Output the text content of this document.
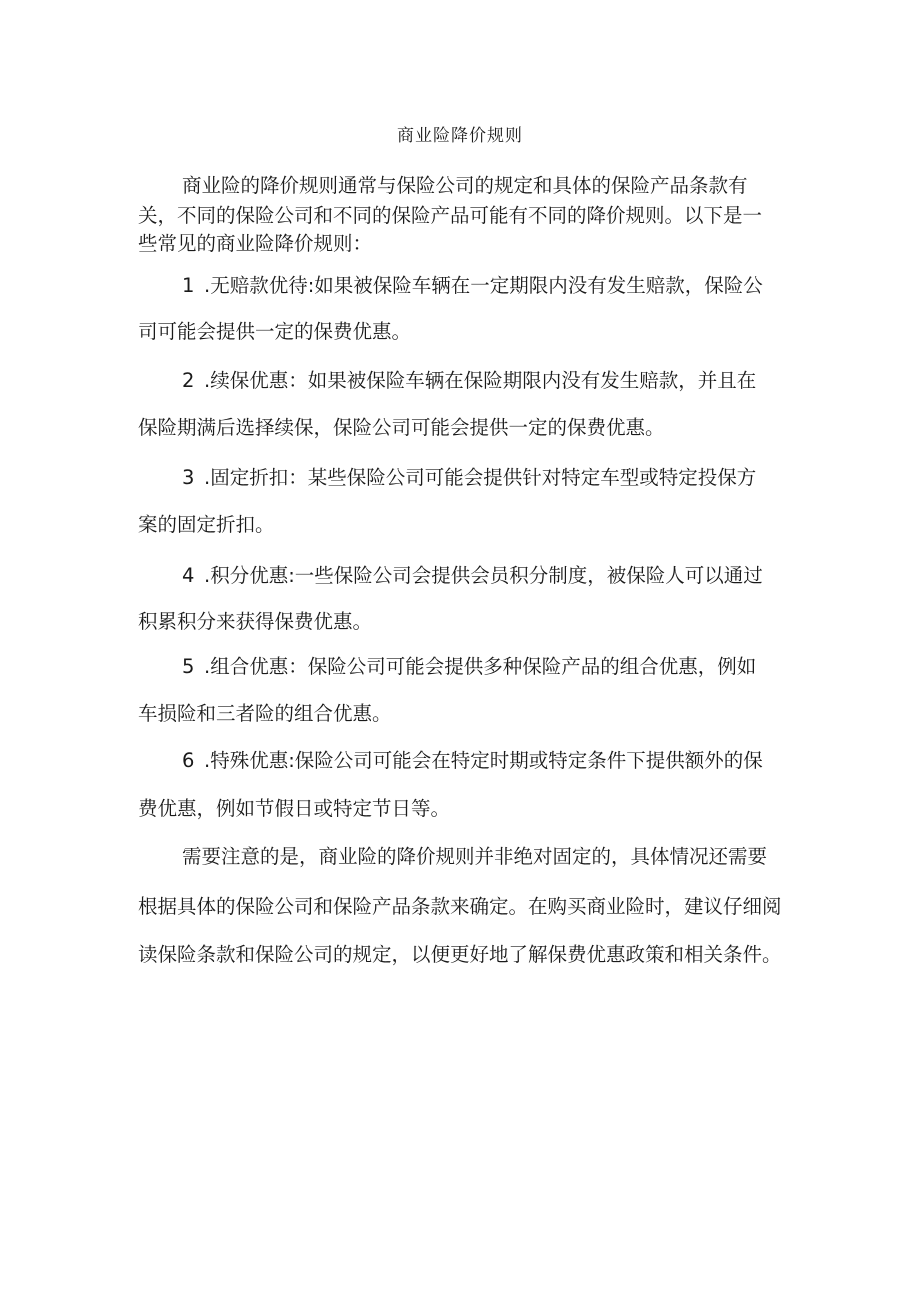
商业险降价规则
商业险的降价规则通常与保险公司的规定和具体的保险产品条款有
关，不同的保险公司和不同的保险产品可能有不同的降价规则。以下是一
些常见的商业险降价规则：
1 .无赔款优待:如果被保险车辆在一定期限内没有发生赔款，保险公
司可能会提供一定的保费优惠。
2 .续保优惠：如果被保险车辆在保险期限内没有发生赔款，并且在
保险期满后选择续保，保险公司可能会提供一定的保费优惠。
3 .固定折扣：某些保险公司可能会提供针对特定车型或特定投保方
案的固定折扣。
4 .积分优惠:一些保险公司会提供会员积分制度，被保险人可以通过
积累积分来获得保费优惠。
5 .组合优惠：保险公司可能会提供多种保险产品的组合优惠，例如
车损险和三者险的组合优惠。
6 .特殊优惠:保险公司可能会在特定时期或特定条件下提供额外的保
费优惠，例如节假日或特定节日等。
需要注意的是，商业险的降价规则并非绝对固定的，具体情况还需要
根据具体的保险公司和保险产品条款来确定。在购买商业险时，建议仔细阅
读保险条款和保险公司的规定，以便更好地了解保费优惠政策和相关条件。
